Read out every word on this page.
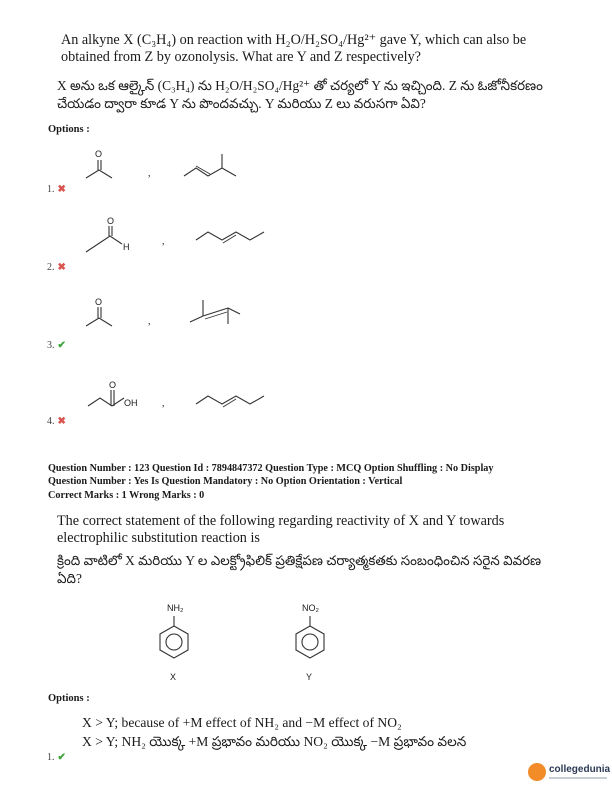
An alkyne X (C₃H₄) on reaction with H₂O/H₂SO₄/Hg²⁺ gave Y, which can also be obtained from Z by ozonolysis. What are Y and Z respectively?
X అను ఒక ఆల్కైన్ (C₃H₄) ను H₂O/H₂SO₄/Hg²⁺ తో చర్యలో Y ను ఇచ్చింది. Z ను ఓజోనీకరణం చేయడం ద్వారా కూడ Y ను పొందవచ్చు. Y మరియు Z లు వరుసగా ఏవి?
Options :
O
,
1. ✖
O
H	,
2. ✖
O
,
3. ✔
O
OH ,
4. ✖
Question Number : 123 Question Id : 7894847372 Question Type : MCQ Option Shuffling : No Display
Question Number : Yes Is Question Mandatory : No Option Orientation : Vertical
Correct Marks : 1 Wrong Marks : 0
The correct statement of the following regarding reactivity of X and Y towards electrophilic substitution reaction is
క్రింది వాటిలో X మరియు Y ల ఎలక్ట్రోఫిలిక్ ప్రతిక్షేపణ చర్యాత్మకతకు సంబంధించిన సరైన వివరణ ఏది?
NH₂
X
NO₂
Y
Options :
X > Y; because of +M effect of NH₂ and −M effect of NO₂
X > Y; NH₂ యొక్క +M ప్రభావం మరియు NO₂ యొక్క −M ప్రభావం వలన
1. ✔
collegedunia
